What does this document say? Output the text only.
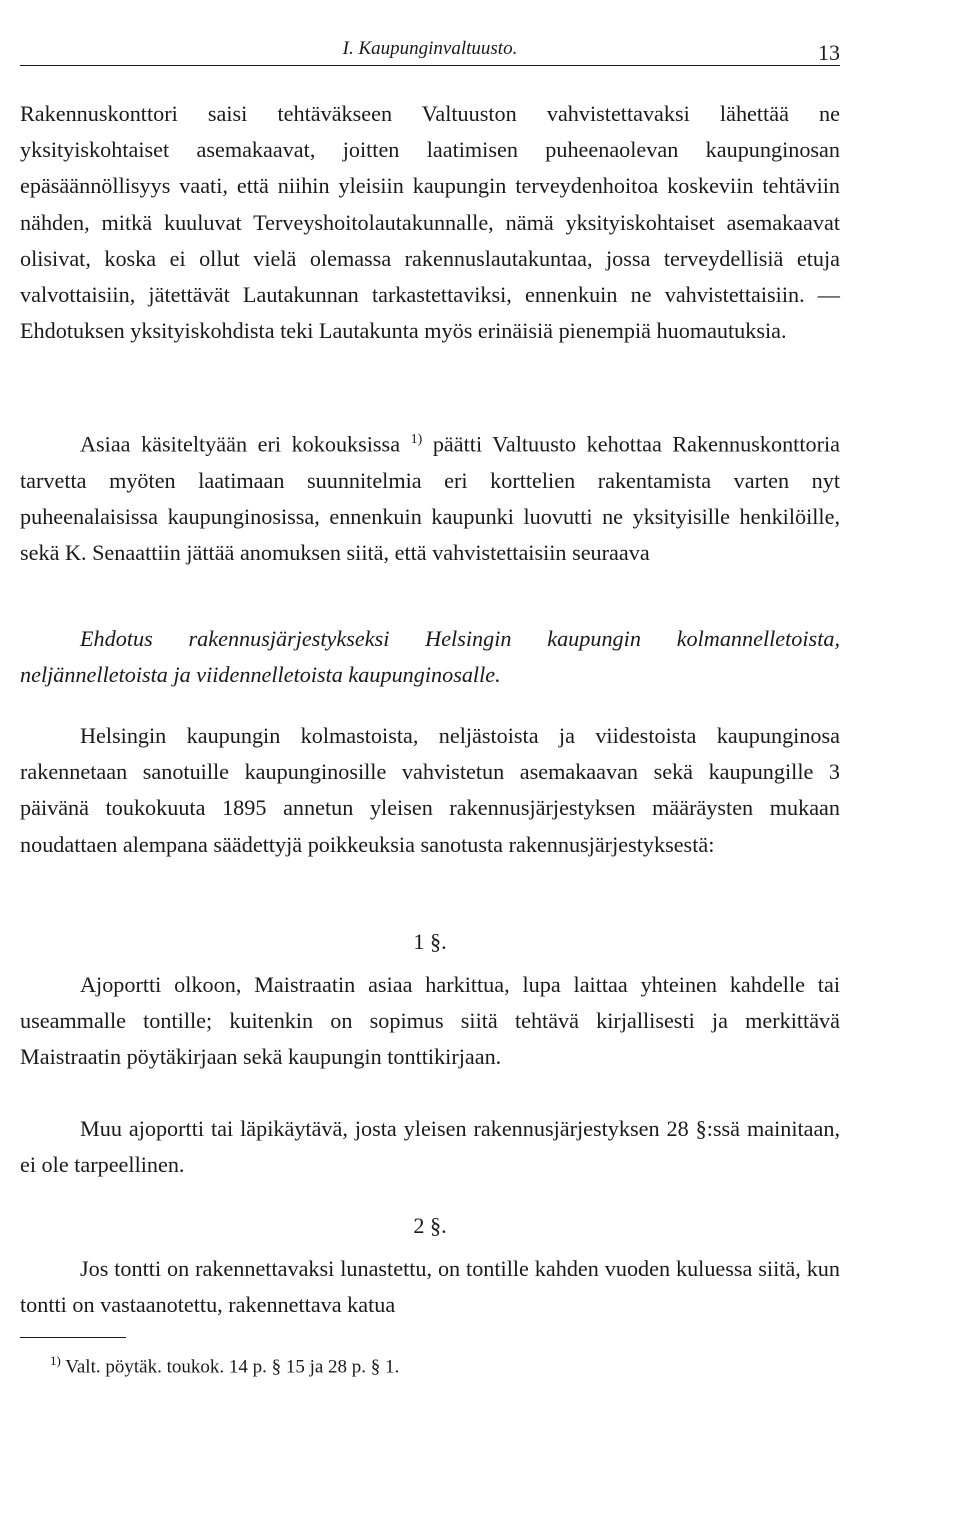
I. Kaupunginvaltuusto.	13

Rakennuskonttori saisi tehtäväkseen Valtuuston vahvistettavaksi lähettää ne yksityiskohtaiset asemakaavat, joitten laatimisen puheenaolevan kaupunginosan epäsäännöllisyys vaati, että niihin yleisiin kaupungin terveydenhoitoa koskeviin tehtäviin nähden, mitkä kuuluvat Terveyshoitolautakunnalle, nämä yksityiskohtaiset asemakaavat olisivat, koska ei ollut vielä olemassa rakennuslautakuntaa, jossa terveydellisiä etuja valvottaisiin, jätettävät Lautakunnan tarkastettaviksi, ennenkuin ne vahvistettaisiin. — Ehdotuksen yksityiskohdista teki Lautakunta myös erinäisiä pienempiä huomautuksia.

Asiaa käsiteltyään eri kokouksissa $^{1)}$ päätti Valtuusto kehottaa Rakennuskonttoria tarvetta myöten laatimaan suunnitelmia eri korttelien rakentamista varten nyt puheenalaisissa kaupunginosissa, ennenkuin kaupunki luovutti ne yksityisille henkilöille, sekä K. Senaattiin jättää anomuksen siitä, että vahvistettaisiin seuraava

Ehdotus rakennusjärjestykseksi Helsingin kaupungin kolmannelletoista, neljännelletoista ja viidennelletoista kaupunginosalle.

Helsingin kaupungin kolmastoista, neljästoista ja viidestoista kaupunginosa rakennetaan sanotuille kaupunginosille vahvistetun asemakaavan sekä kaupungille 3 päivänä toukokuuta 1895 annetun yleisen rakennusjärjestyksen määräysten mukaan noudattaen alempana säädettyjä poikkeuksia sanotusta rakennusjärjestyksestä:

1 §.

Ajoportti olkoon, Maistraatin asiaa harkittua, lupa laittaa yhteinen kahdelle tai useammalle tontille; kuitenkin on sopimus siitä tehtävä kirjallisesti ja merkittävä Maistraatin pöytäkirjaan sekä kaupungin tonttikirjaan.

Muu ajoportti tai läpikäytävä, josta yleisen rakennusjärjestyksen 28 §:ssä mainitaan, ei ole tarpeellinen.

2 §.

Jos tontti on rakennettavaksi lunastettu, on tontille kahden vuoden kuluessa siitä, kun tontti on vastaanotettu, rakennettava katua

$^{1)}$ Valt. pöytäk. toukok. 14 p. § 15 ja 28 p. § 1.
